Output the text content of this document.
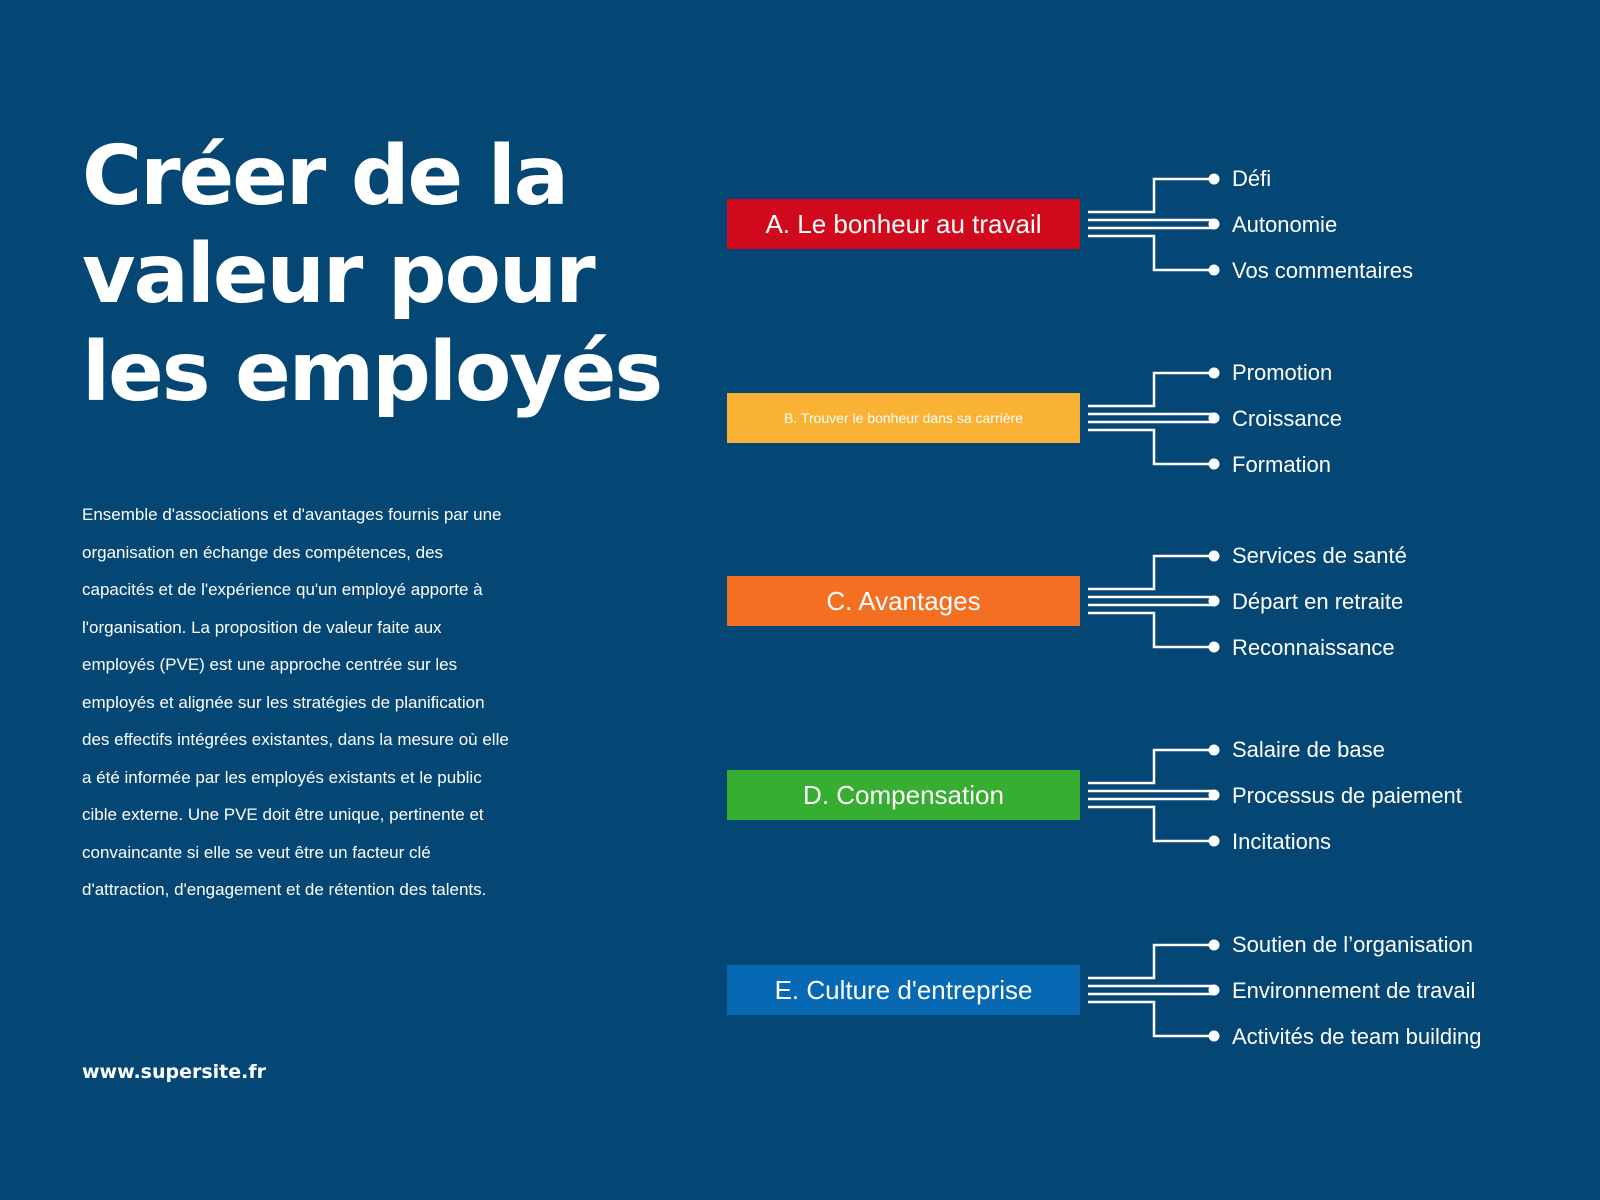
Créer de la
valeur pour
les employés

Ensemble d'associations et d'avantages fournis par une
organisation en échange des compétences, des
capacités et de l'expérience qu'un employé apporte à
l'organisation. La proposition de valeur faite aux
employés (PVE) est une approche centrée sur les
employés et alignée sur les stratégies de planification
des effectifs intégrées existantes, dans la mesure où elle
a été informée par les employés existants et le public
cible externe. Une PVE doit être unique, pertinente et
convaincante si elle se veut être un facteur clé
d'attraction, d'engagement et de rétention des talents.

www.supersite.fr
A. Le bonheur au travail
Défi
Autonomie
Vos commentaires
B. Trouver le bonheur dans sa carrière
Promotion
Croissance
Formation
C. Avantages
Services de santé
Départ en retraite
Reconnaissance
D. Compensation
Salaire de base
Processus de paiement
Incitations
E. Culture d'entreprise
Soutien de l’organisation
Environnement de travail
Activités de team building
